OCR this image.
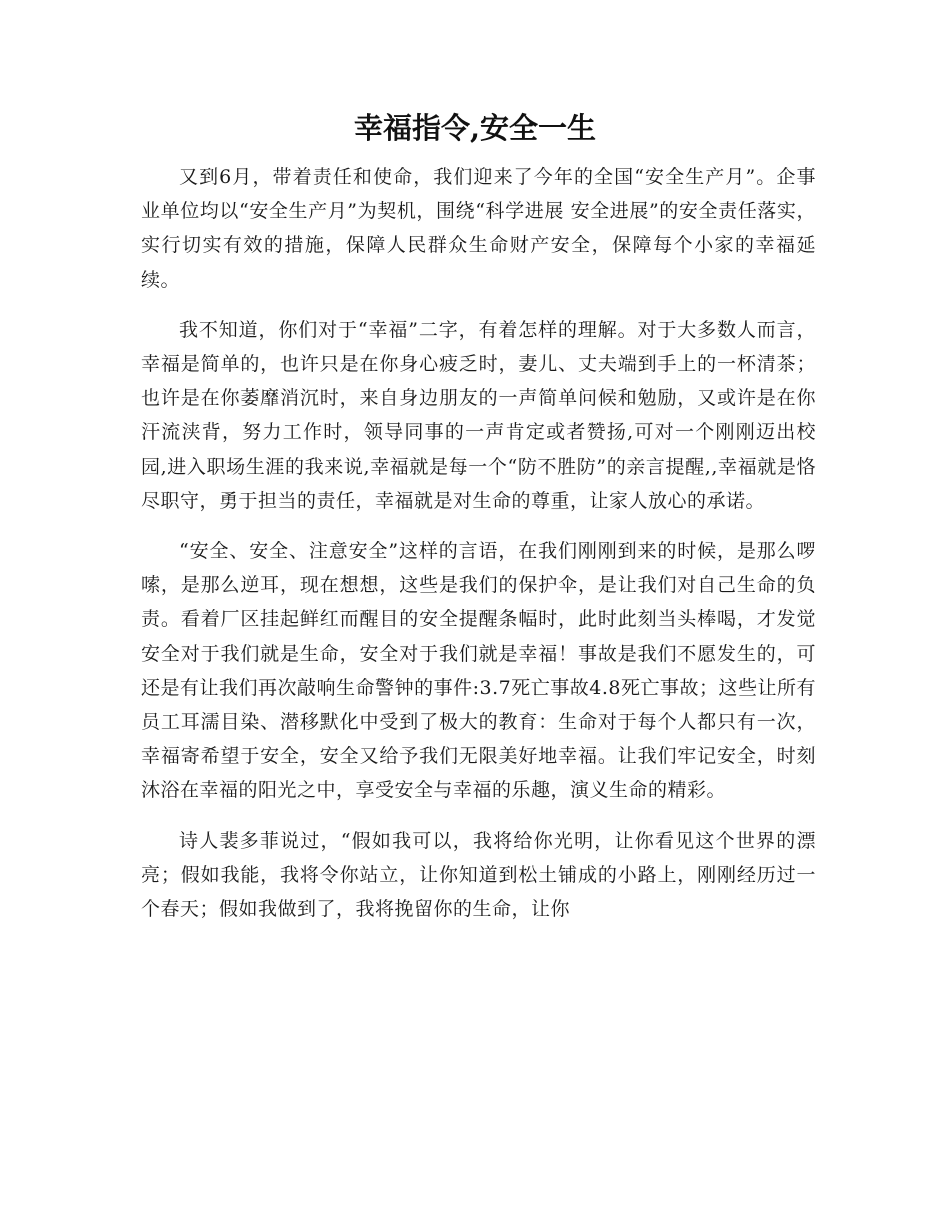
幸福指令,安全一生

又到6月，带着责任和使命，我们迎来了今年的全国“安全生产月”。企事业单位均以“安全生产月”为契机，围绕“科学进展 安全进展”的安全责任落实，实行切实有效的措施，保障人民群众生命财产安全，保障每个小家的幸福延续。

我不知道，你们对于“幸福”二字，有着怎样的理解。对于大多数人而言，幸福是简单的，也许只是在你身心疲乏时，妻儿、丈夫端到手上的一杯清茶；也许是在你萎靡消沉时，来自身边朋友的一声简单问候和勉励，又或许是在你汗流浃背，努力工作时，领导同事的一声肯定或者赞扬,可对一个刚刚迈出校园,进入职场生涯的我来说,幸福就是每一个“防不胜防”的亲言提醒,,幸福就是恪尽职守，勇于担当的责任，幸福就是对生命的尊重，让家人放心的承诺。

“安全、安全、注意安全”这样的言语，在我们刚刚到来的时候，是那么啰嗦，是那么逆耳，现在想想，这些是我们的保护伞，是让我们对自己生命的负责。看着厂区挂起鲜红而醒目的安全提醒条幅时，此时此刻当头棒喝，才发觉安全对于我们就是生命，安全对于我们就是幸福！事故是我们不愿发生的，可还是有让我们再次敲响生命警钟的事件:3.7死亡事故4.8死亡事故；这些让所有员工耳濡目染、潜移默化中受到了极大的教育：生命对于每个人都只有一次，幸福寄希望于安全，安全又给予我们无限美好地幸福。让我们牢记安全，时刻沐浴在幸福的阳光之中，享受安全与幸福的乐趣，演义生命的精彩。

诗人裴多菲说过，“假如我可以，我将给你光明，让你看见这个世界的漂亮；假如我能，我将令你站立，让你知道到松土铺成的小路上，刚刚经历过一个春天；假如我做到了，我将挽留你的生命，让你
